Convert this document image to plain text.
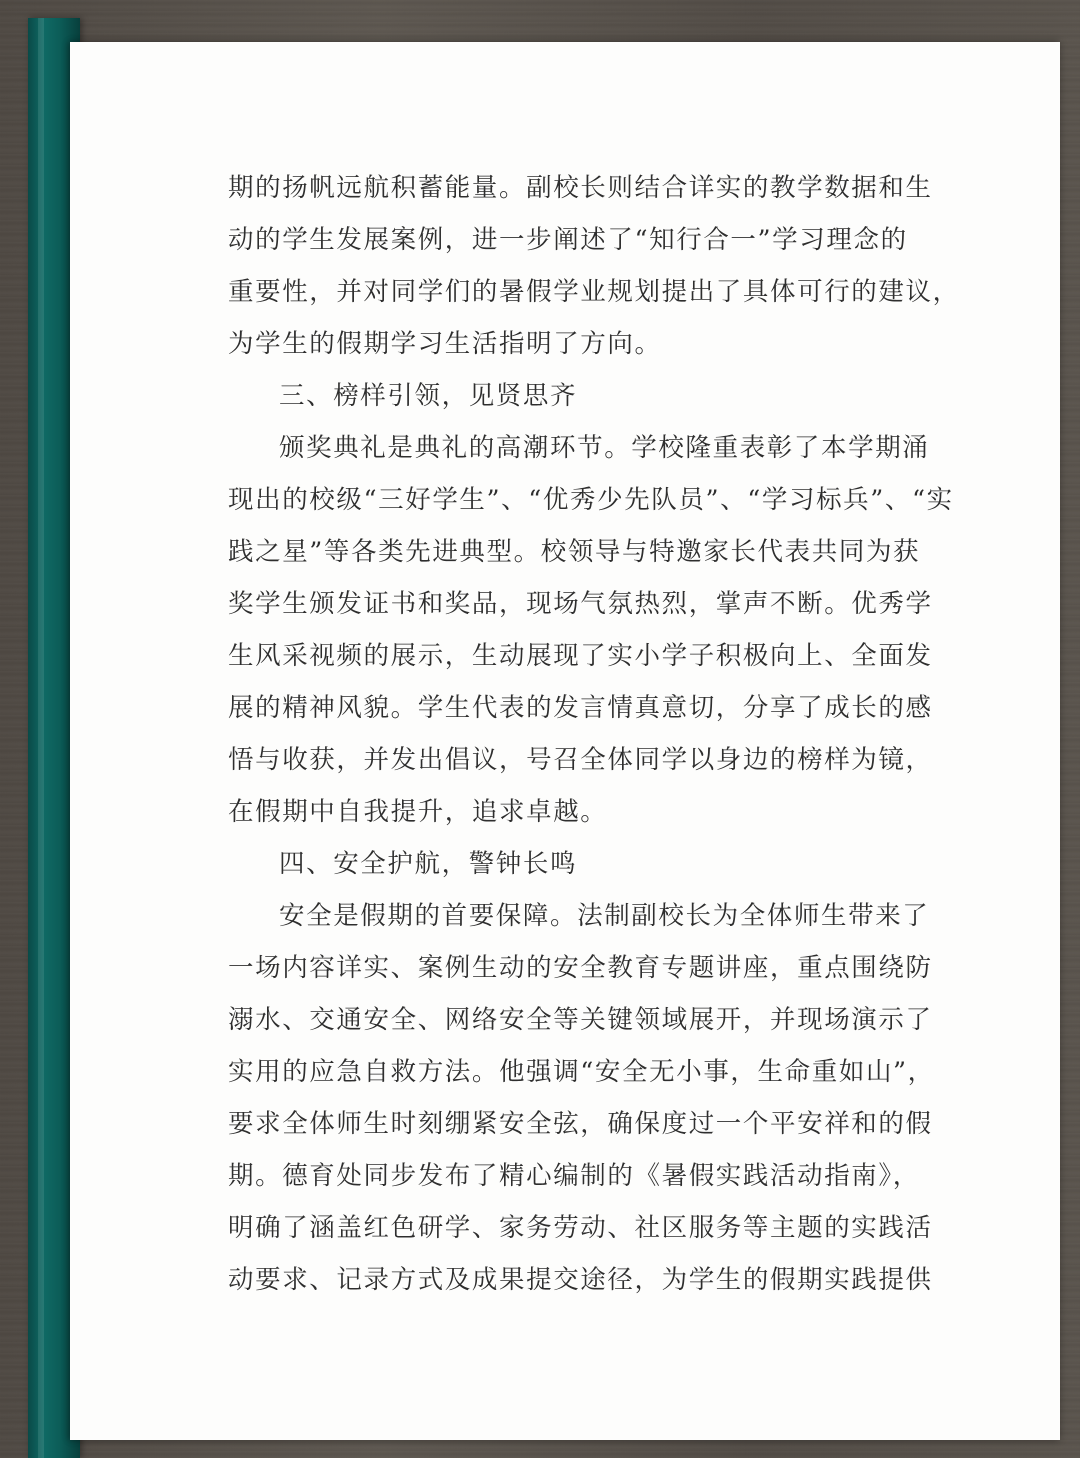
期的扬帆远航积蓄能量。副校长则结合详实的教学数据和生
动的学生发展案例，进一步阐述了“知行合一”学习理念的
重要性，并对同学们的暑假学业规划提出了具体可行的建议，
为学生的假期学习生活指明了方向。
三、榜样引领，见贤思齐
颁奖典礼是典礼的高潮环节。学校隆重表彰了本学期涌
现出的校级“三好学生”、“优秀少先队员”、“学习标兵”、“实
践之星”等各类先进典型。校领导与特邀家长代表共同为获
奖学生颁发证书和奖品，现场气氛热烈，掌声不断。优秀学
生风采视频的展示，生动展现了实小学子积极向上、全面发
展的精神风貌。学生代表的发言情真意切，分享了成长的感
悟与收获，并发出倡议，号召全体同学以身边的榜样为镜，
在假期中自我提升，追求卓越。
四、安全护航，警钟长鸣
安全是假期的首要保障。法制副校长为全体师生带来了
一场内容详实、案例生动的安全教育专题讲座，重点围绕防
溺水、交通安全、网络安全等关键领域展开，并现场演示了
实用的应急自救方法。他强调“安全无小事，生命重如山”，
要求全体师生时刻绷紧安全弦，确保度过一个平安祥和的假
期。德育处同步发布了精心编制的《暑假实践活动指南》，
明确了涵盖红色研学、家务劳动、社区服务等主题的实践活
动要求、记录方式及成果提交途径，为学生的假期实践提供
